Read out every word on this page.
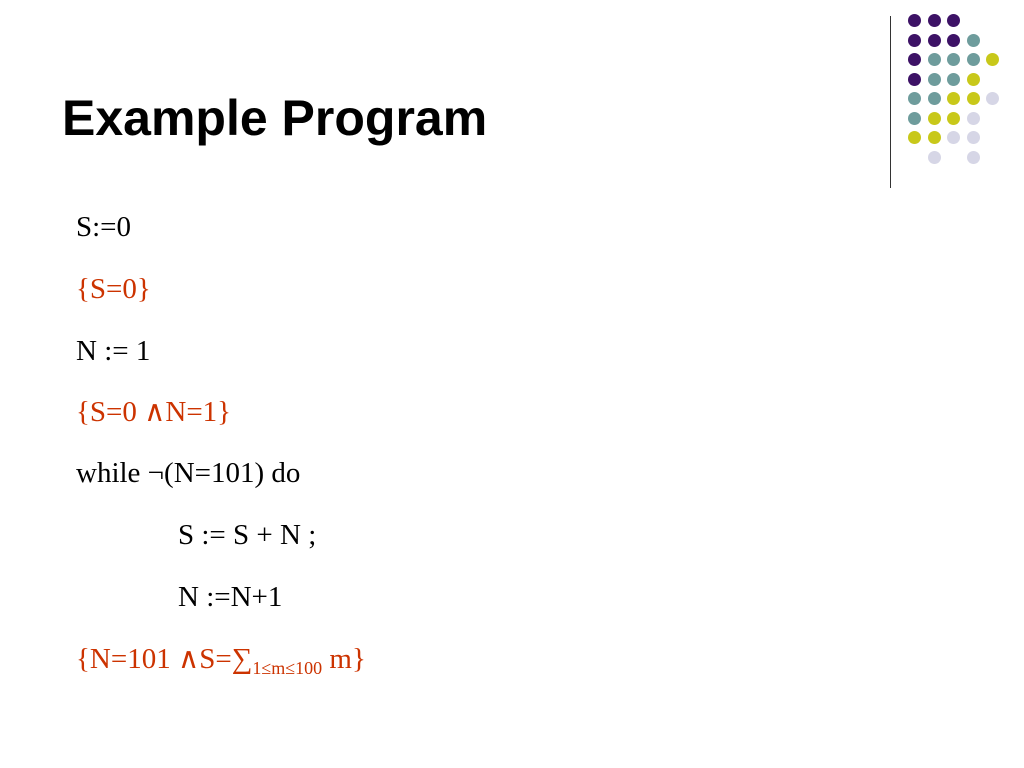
Example Program
S:=0
{S=0}
N := 1
{S=0 ∧N=1}
while ¬(N=101) do
S := S + N ;
N :=N+1
{N=101 $\wedge S=\sum_{1\le m\le 100}$ m}
